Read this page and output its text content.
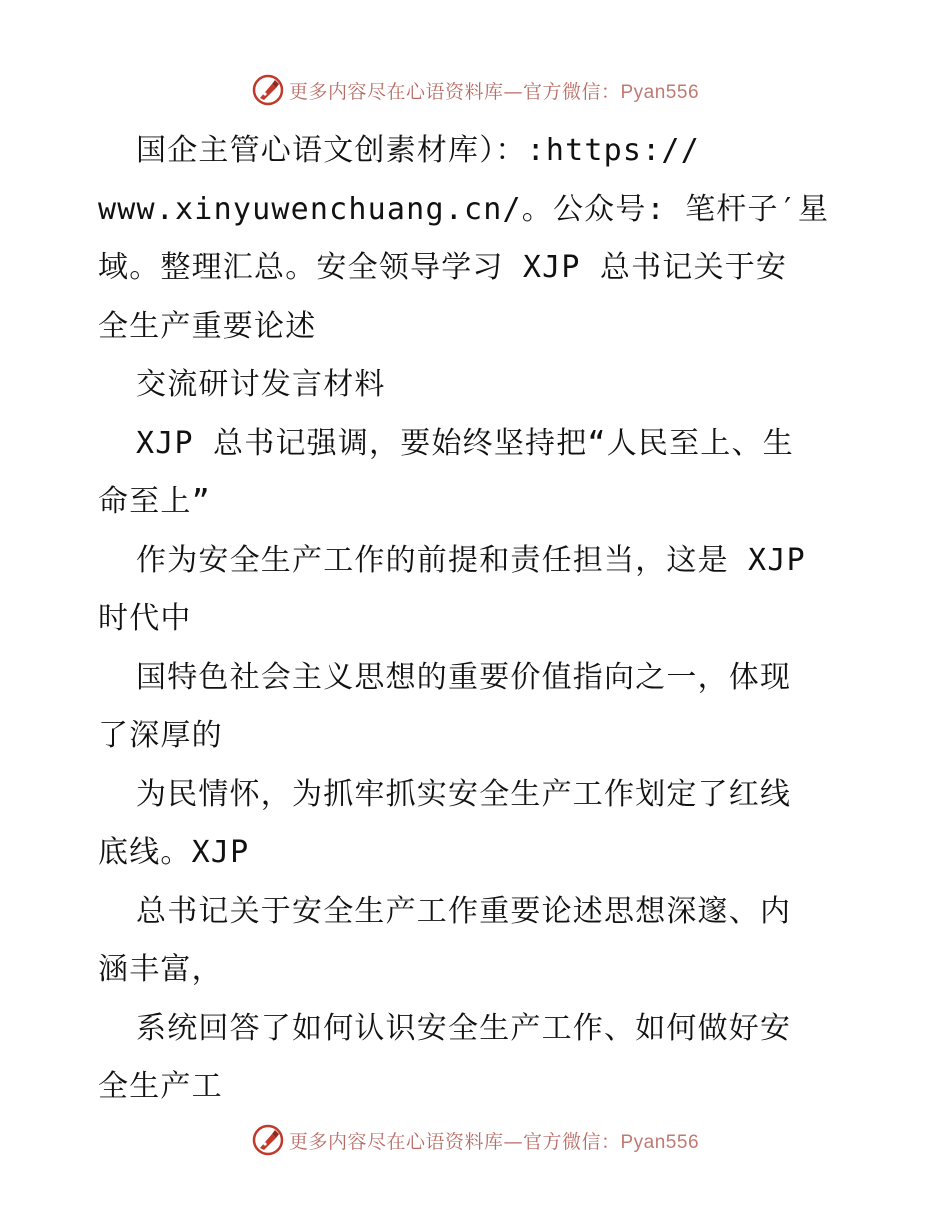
更多内容尽在心语资料库—官方微信：Pyan556
国企主管心语文创素材库）：:https://
www.xinyuwenchuang.cn/。公众号: 笔杆子′星
域。整理汇总。安全领导学习 XJP 总书记关于安
全生产重要论述
交流研讨发言材料
XJP 总书记强调，要始终坚持把“人民至上、生
命至上”
作为安全生产工作的前提和责任担当，这是 XJP
时代中
国特色社会主义思想的重要价值指向之一，体现
了深厚的
为民情怀，为抓牢抓实安全生产工作划定了红线
底线。XJP
总书记关于安全生产工作重要论述思想深邃、内
涵丰富，
系统回答了如何认识安全生产工作、如何做好安
全生产工
更多内容尽在心语资料库—官方微信：Pyan556
